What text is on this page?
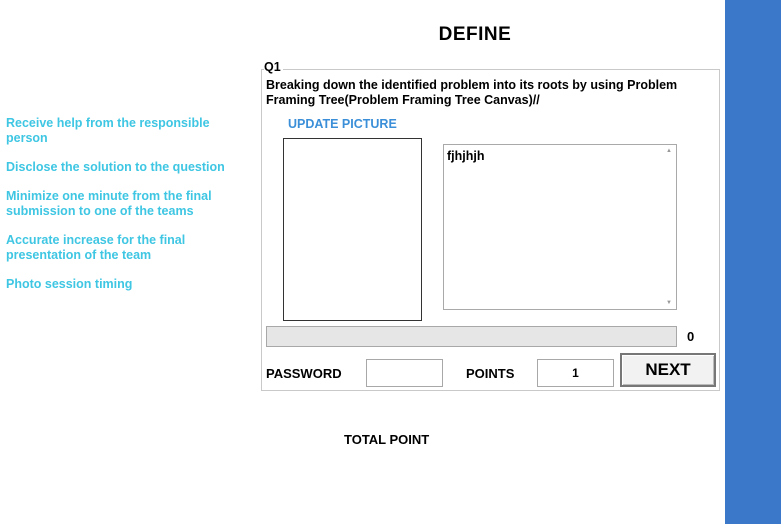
DEFINE
Receive help from the responsible person
Disclose the solution to the question
Minimize one minute from the final submission to one of the teams
Accurate increase for the final presentation of the team
Photo session timing
Q1
Breaking down the identified problem into its roots by using Problem Framing Tree(Problem Framing Tree Canvas)//
UPDATE PICTURE
fjhjhjh	▲
▼
0
PASSWORD	POINTS
1	NEXT
TOTAL POINT
